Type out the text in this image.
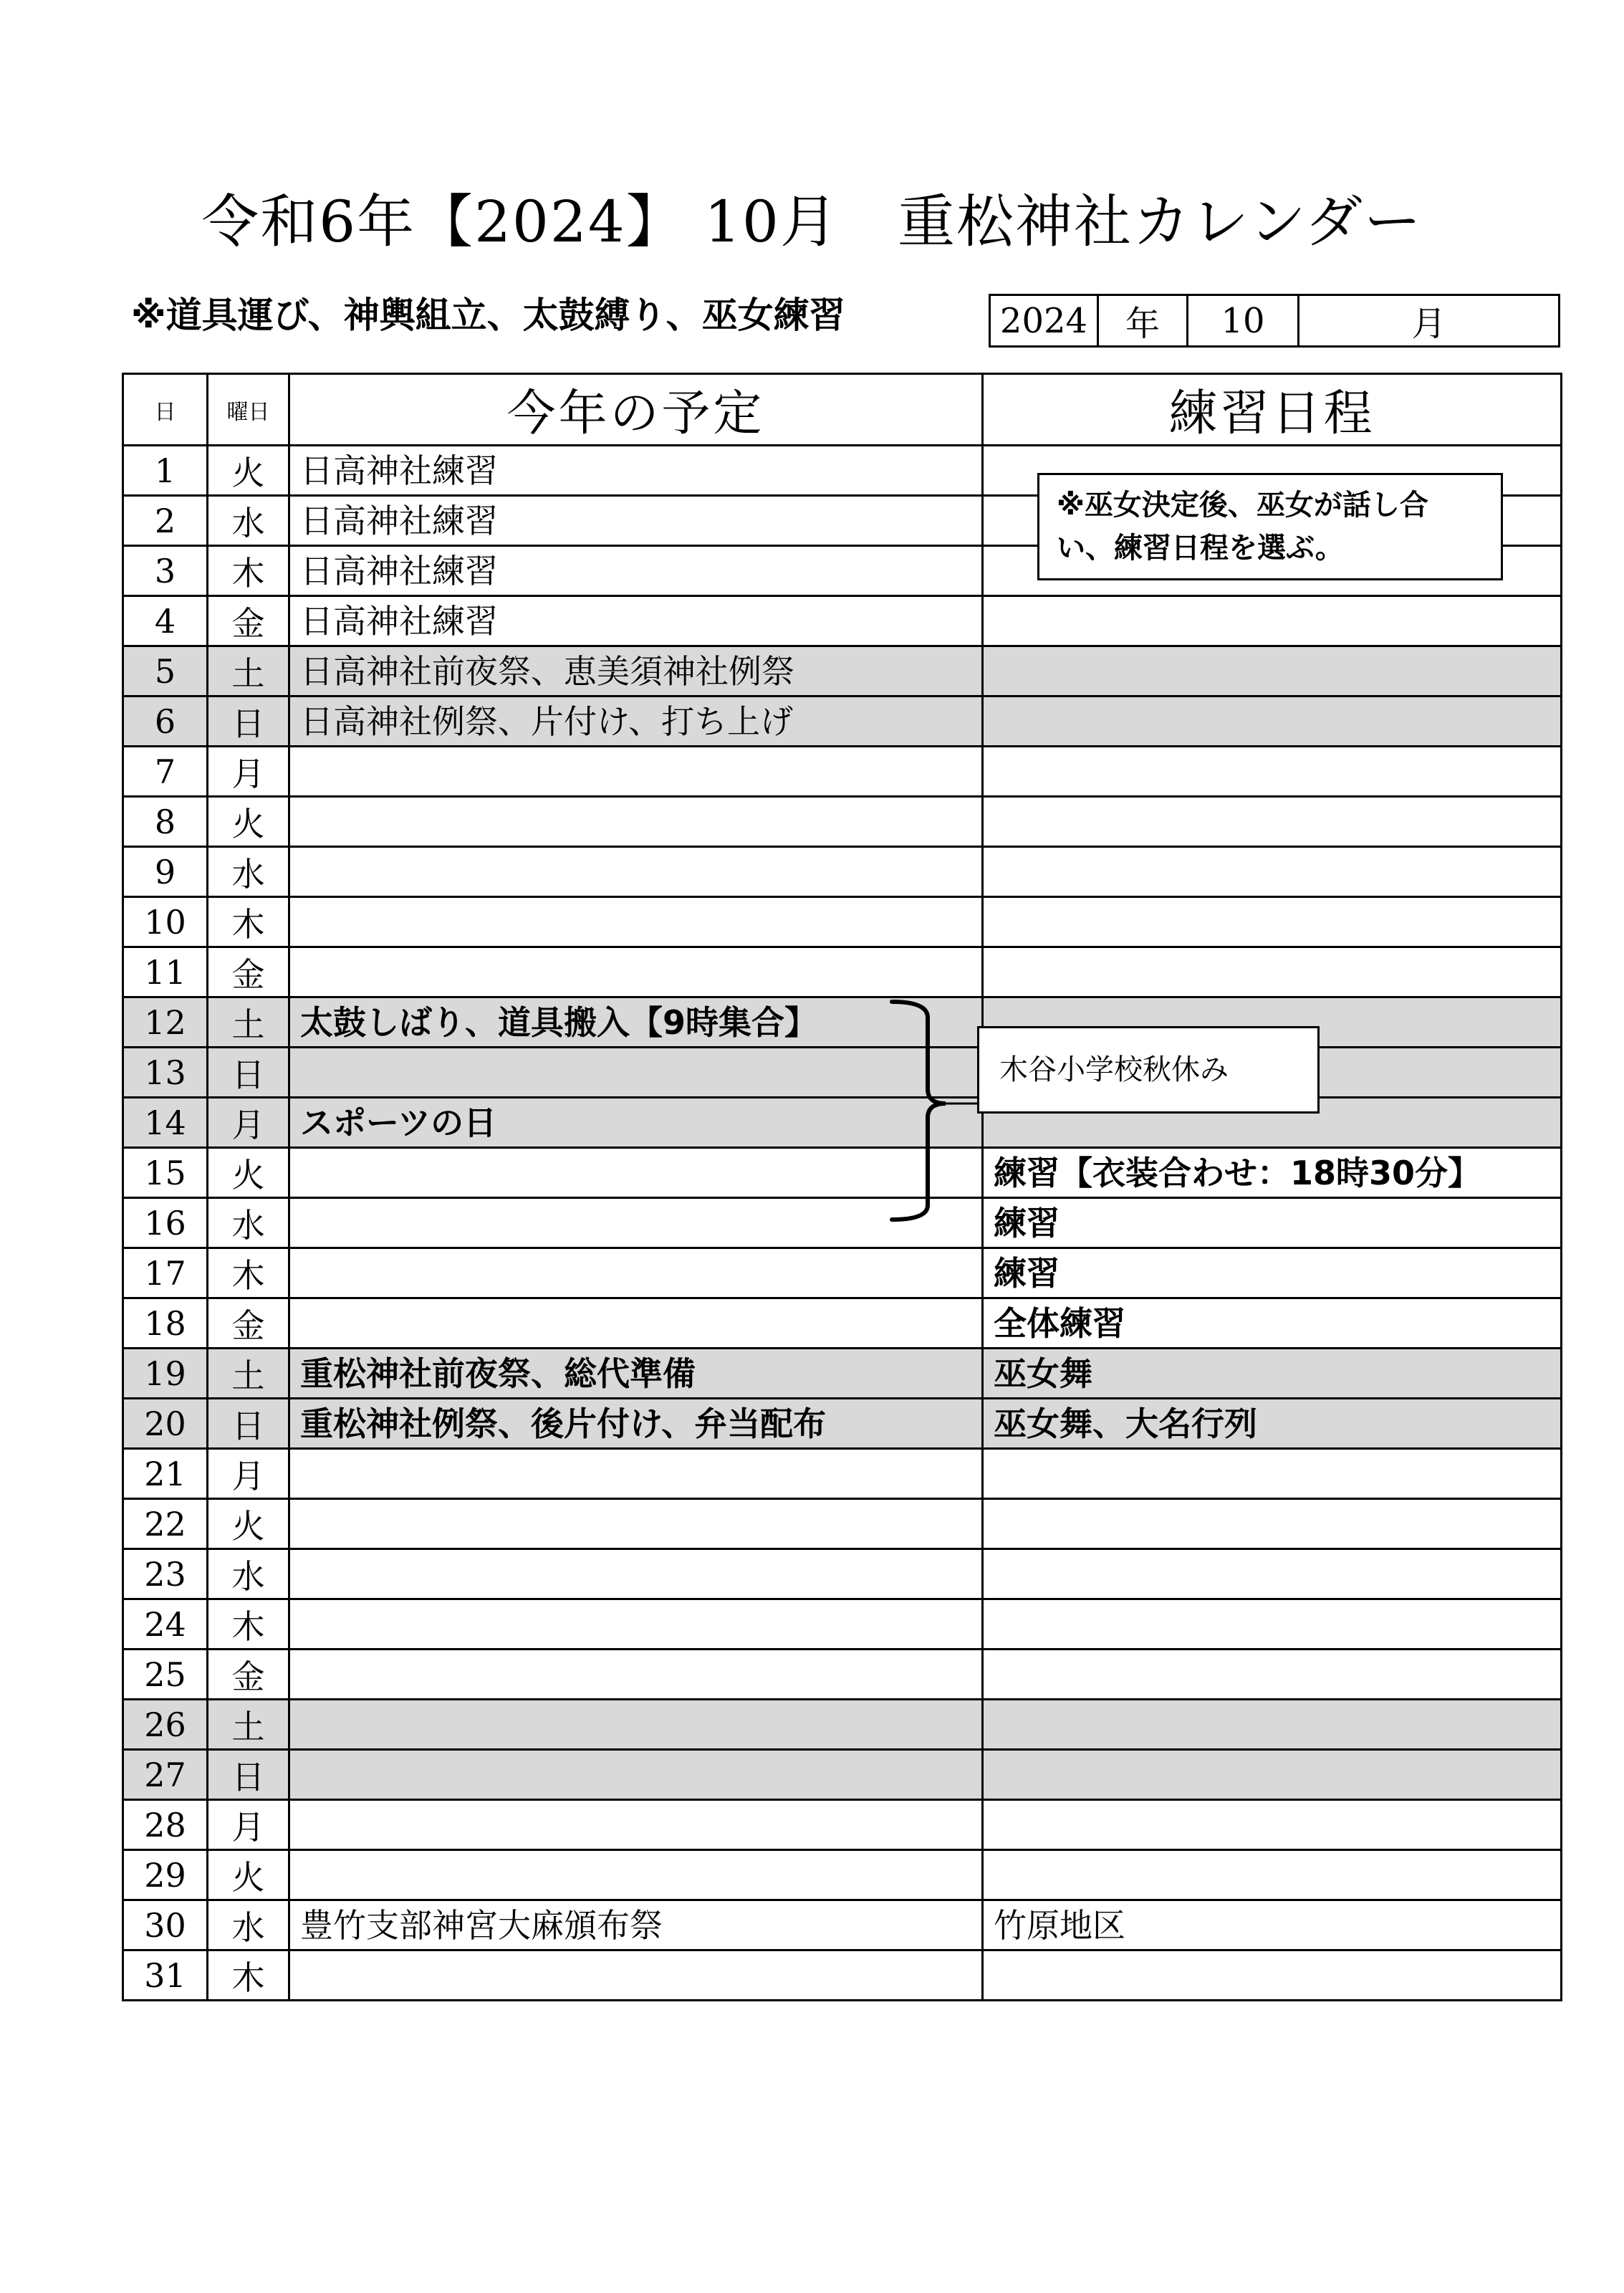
令和6年【2024】 10月　重松神社カレンダー
※道具運び、神輿組立、太鼓縛り、巫女練習	2024	年	10	月
日	曜日	今年の予定	練習日程
1	火	日高神社練習	
2	水	日高神社練習	
3	木	日高神社練習	
4	金	日高神社練習	
5	土	日高神社前夜祭、恵美須神社例祭	
6	日	日高神社例祭、片付け、打ち上げ	
7	月		
8	火		
9	水		
10	木		
11	金		
12	土	太鼓しばり、道具搬入【9時集合】	
13	日		
14	月	スポーツの日	
15	火		練習【衣装合わせ：18時30分】
16	水		練習
17	木		練習
18	金		全体練習
19	土	重松神社前夜祭、総代準備	巫女舞
20	日	重松神社例祭、後片付け、弁当配布	巫女舞、大名行列
21	月		
22	火		
23	水		
24	木		
25	金		
26	土		
27	日		
28	月		
29	火		
30	水	豊竹支部神宮大麻頒布祭	竹原地区
31	木		
※巫女決定後、巫女が話し合い、練習日程を選ぶ。
木谷小学校秋休み
